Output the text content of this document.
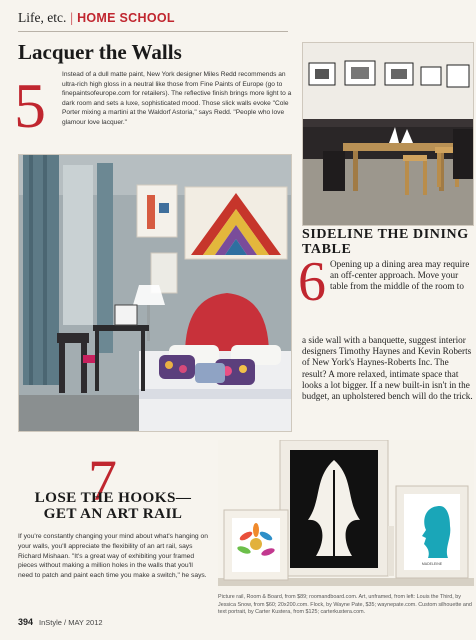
Life, etc. | HOME SCHOOL
Lacquer the Walls
5 Instead of a dull matte paint, New York designer Miles Redd recommends an ultra-rich high gloss in a neutral like those from Fine Paints of Europe (go to finepaintsofeurope.com for retailers). The reflective finish brings more light to a dark room and sets a luxe, sophisticated mood. Those slick walls evoke "Cole Porter mixing a martini at the Waldorf Astoria," says Redd. "People who love glamour love lacquer."
SIDELINE THE DINING TABLE
6 Opening up a dining area may require an off-center approach. Move your table from the middle of the room to
a side wall with a banquette, suggest interior designers Timothy Haynes and Kevin Roberts of New York's Haynes-Roberts Inc. The result? A more relaxed, intimate space that looks a lot bigger. If a new built-in isn't in the budget, an upholstered bench will do the trick.
MADELEINE
7
LOSE THE HOOKS— GET AN ART RAIL
If you're constantly changing your mind about what's hanging on your walls, you'll appreciate the flexibility of an art rail, says Richard Mishaan. "It's a great way of exhibiting your framed pieces without making a million holes in the walls that you'll need to patch and paint each time you make a switch," he says.
Picture rail, Room & Board, from $89; roomandboard.com. Art, unframed, from left: Louis the Third, by Jessica Snow, from $60; 20x200.com. Flock, by Wayne Pate, $35; waynepate.com. Custom silhouette and text portrait, by Carter Kustera, from $125; carterkustera.com.
394 InStyle / MAY 2012
